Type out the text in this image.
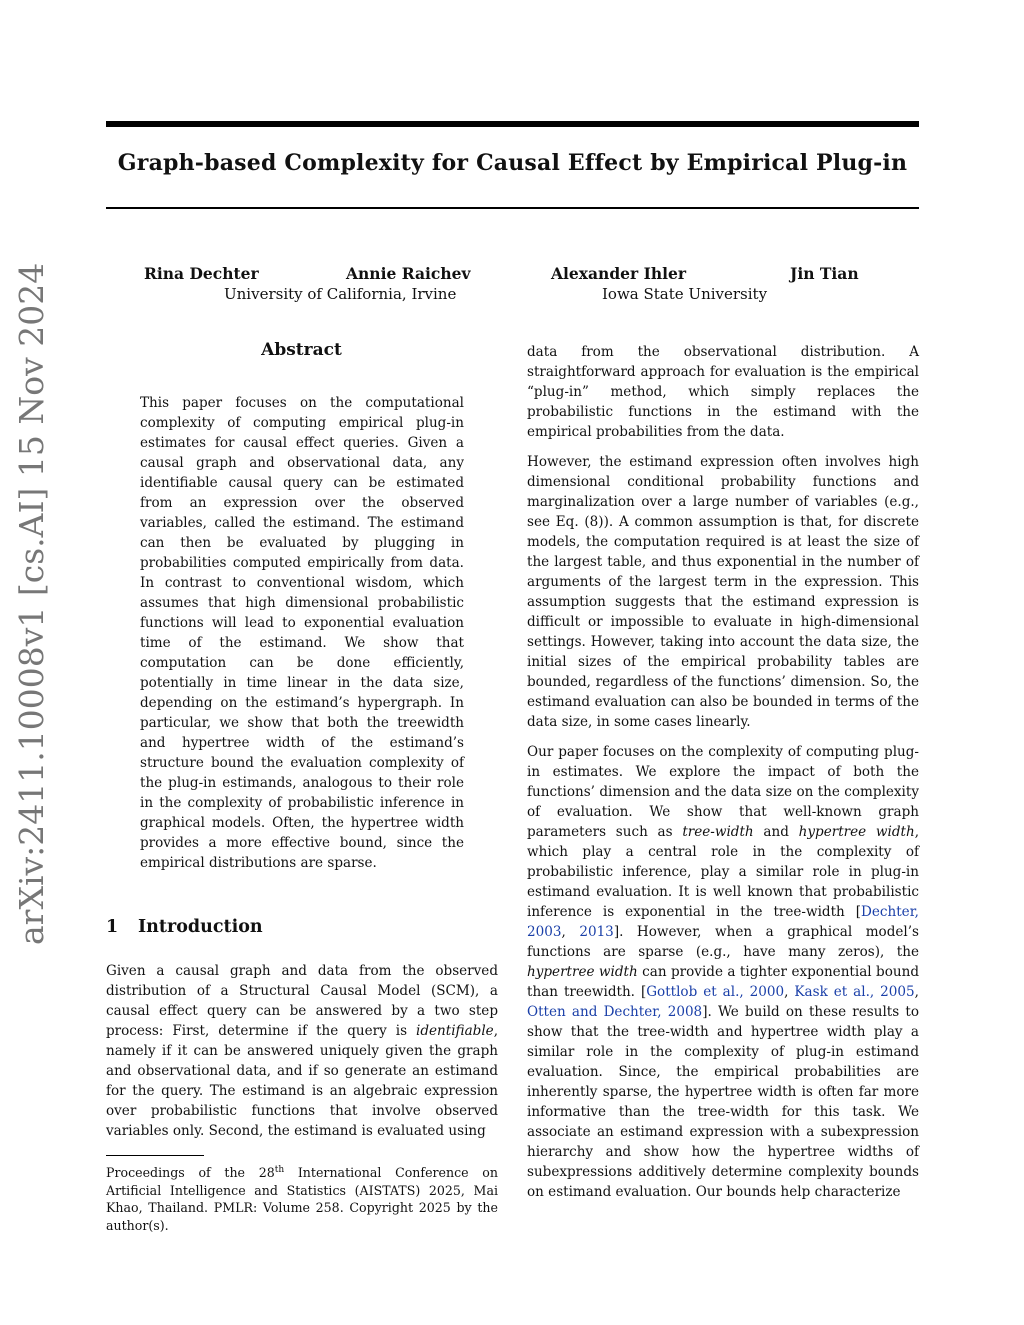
Graph-based Complexity for Causal Effect by Empirical Plug-in
Rina Dechter	Annie Raichev	Alexander Ihler	Jin Tian
University of California, Irvine	Iowa State University
arXiv:2411.10008v1 [cs.AI] 15 Nov 2024	Abstract

This paper focuses on the computational complexity of computing empirical plug-in estimates for causal effect queries. Given a causal graph and observational data, any identifiable causal query can be estimated from an expression over the observed variables, called the estimand. The estimand can then be evaluated by plugging in probabilities computed empirically from data. In contrast to conventional wisdom, which assumes that high dimensional probabilistic functions will lead to exponential evaluation time of the estimand. We show that computation can be done efficiently, potentially in time linear in the data size, depending on the estimand’s hypergraph. In particular, we show that both the treewidth and hypertree width of the estimand’s structure bound the evaluation complexity of the plug-in estimands, analogous to their role in the complexity of probabilistic inference in graphical models. Often, the hypertree width provides a more effective bound, since the empirical distributions are sparse.

1 Introduction

Given a causal graph and data from the observed distribution of a Structural Causal Model (SCM), a causal effect query can be answered by a two step process: First, determine if the query is identifiable, namely if it can be answered uniquely given the graph and observational data, and if so generate an estimand for the query. The estimand is an algebraic expression over probabilistic functions that involve observed variables only. Second, the estimand is evaluated using

Proceedings of the 28th International Conference on Artificial Intelligence and Statistics (AISTATS) 2025, Mai Khao, Thailand. PMLR: Volume 258. Copyright 2025 by the author(s).

data from the observational distribution. A straightforward approach for evaluation is the empirical “plug-in” method, which simply replaces the probabilistic functions in the estimand with the empirical probabilities from the data.

However, the estimand expression often involves high dimensional conditional probability functions and marginalization over a large number of variables (e.g., see Eq. (8)). A common assumption is that, for discrete models, the computation required is at least the size of the largest table, and thus exponential in the number of arguments of the largest term in the expression. This assumption suggests that the estimand expression is difficult or impossible to evaluate in high-dimensional settings. However, taking into account the data size, the initial sizes of the empirical probability tables are bounded, regardless of the functions’ dimension. So, the estimand evaluation can also be bounded in terms of the data size, in some cases linearly.

Our paper focuses on the complexity of computing plug-in estimates. We explore the impact of both the functions’ dimension and the data size on the complexity of evaluation. We show that well-known graph parameters such as tree-width and hypertree width, which play a central role in the complexity of probabilistic inference, play a similar role in plug-in estimand evaluation. It is well known that probabilistic inference is exponential in the tree-width [Dechter, 2003, 2013]. However, when a graphical model’s functions are sparse (e.g., have many zeros), the hypertree width can provide a tighter exponential bound than treewidth. [Gottlob et al., 2000, Kask et al., 2005, Otten and Dechter, 2008]. We build on these results to show that the tree-width and hypertree width play a similar role in the complexity of plug-in estimand evaluation. Since, the empirical probabilities are inherently sparse, the hypertree width is often far more informative than the tree-width for this task. We associate an estimand expression with a subexpression hierarchy and show how the hypertree widths of subexpressions additively determine complexity bounds on estimand evaluation. Our bounds help characterize
